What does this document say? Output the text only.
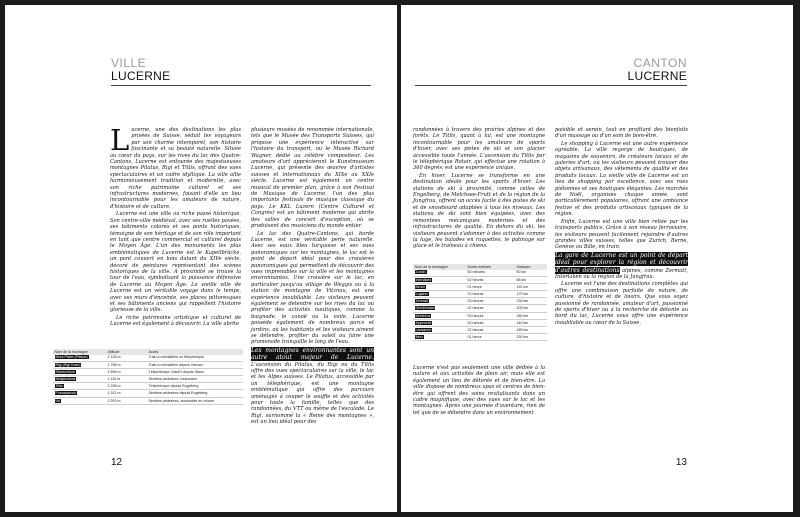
VILLE
LUCERNE
L ucerne, une des destinations les plus prisées de Suisse, séduit les voyageurs par son charme intemporel, son histoire fascinante et sa beauté naturelle. Située au cœur du pays, sur les rives du lac des Quatre-Cantons, Lucerne est entourée des majestueuses montagnes Pilatus, Rigi et Titlis, offrant des vues spectaculaires et un cadre idyllique. La ville allie harmonieusement tradition et modernité, avec son riche patrimoine culturel et ses infrastructures modernes, faisant d'elle un lieu incontournable pour les amateurs de nature, d'histoire et de culture.

Lucerne est une ville au riche passé historique. Son centre-ville médiéval, avec ses ruelles pavées, ses bâtiments colorés et ses ponts historiques, témoigne de son héritage et de son rôle important en tant que centre commercial et culturel depuis le Moyen Âge. L'un des monuments les plus emblématiques de Lucerne est le Kapellbrücke, un pont couvert en bois datant du XIVe siècle, décoré de peintures représentant des scènes historiques de la ville. À proximité se trouve la tour de l'eau, symbolisant la puissance défensive de Lucerne au Moyen Âge. La vieille ville de Lucerne est un véritable voyage dans le temps, avec ses murs d'enceinte, ses places pittoresques et ses bâtiments anciens qui rappellent l'histoire glorieuse de la ville.

Le riche patrimoine artistique et culturel de Lucerne est également à découvrir. La ville abrite

plusieurs musées de renommée internationale, tels que le Musée des Transports Suisses, qui propose une expérience interactive sur l'histoire du transport, ou le Musée Richard Wagner, dédié au célèbre compositeur. Les amateurs d'art apprécieront le Kunstmuseum Lucerne, qui présente des œuvres d'artistes suisses et internationaux du XIXe au XXIe siècle. Lucerne est également un centre musical de premier plan, grâce à son Festival de Musique de Lucerne, l'un des plus importants festivals de musique classique du pays. Le KKL Luzern (Centre Culturel et Congrès) est un bâtiment moderne qui abrite des salles de concert d'exception, où se produisent des musiciens du monde entier.

Le lac des Quatre-Cantons, qui borde Lucerne, est une véritable perle naturelle. Avec ses eaux bleu turquoise et ses vues panoramiques sur les montagnes, le lac est le point de départ idéal pour des croisières panoramiques qui permettent de découvrir des vues imprenables sur la ville et les montagnes environnantes. Une croisière sur le lac, en particulier jusqu'au village de Weggis ou à la station de montagne de Vitznau, est une expérience inoubliable. Les visiteurs peuvent également se détendre sur les rives du lac ou profiter des activités nautiques, comme la baignade, le canoë ou la voile. Lucerne possède également de nombreux parcs et jardins, où les habitants et les visiteurs aiment se détendre, profiter du soleil ou faire une promenade tranquille le long de l'eau.

Les montagnes environnantes sont un autre atout majeur de Lucerne. L'ascension du Pilatus, du Rigi ou du Titlis offre des vues spectaculaires sur la ville, le lac et les Alpes suisses. Le Pilatus, accessible par un téléphérique, est une montagne emblématique qui offre des parcours aménagés à couper le souffle et des activités pour toute la famille, telles que des randonnées, du VTT ou même de l'escalade. Le Rigi, surnommé la « Reine des montagnes », est un lieu idéal pour des

Nom de la montagne	Altitude	Accès
Mont Pilate (Pilatus)	2 128 m	Train à crémaillère ou téléphérique
Rigi (Rigi Kulm)	1 798 m	Train à crémaillère depuis Vitznau
Stanserhorn	1 898 m	Téléphérique CabriO depuis Stans
Bürgenstock	1 115 m	Sentiers pédestres, funiculaire
Titlis	3 238 m	Téléphérique depuis Engelberg
Fronalpstock	1 921 m	Sentiers pédestres depuis Engelberg
Uri	3 200 m	Sentiers pédestres, accessible en voiture
12
CANTON
LUCERNE

randonnées à travers des prairies alpines et des forêts. Le Titlis, quant à lui, est une montagne incontournable pour les amateurs de sports d'hiver, avec ses pistes de ski et son glacier accessible toute l'année. L'ascension du Titlis par le téléphérique Rotair, qui effectue une rotation à 360 degrés, est une expérience unique.

En hiver, Lucerne se transforme en une destination idéale pour les sports d'hiver. Les stations de ski à proximité, comme celles de Engelberg, de Melchsee-Frutt et de la région de la Jungfrau, offrent un accès facile à des pistes de ski et de snowboard adaptées à tous les niveaux. Les stations de ski sont bien équipées, avec des remontées mécaniques modernes et des infrastructures de qualité. En dehors du ski, les visiteurs peuvent s'adonner à des activités comme la luge, les balades en raquettes, le patinage sur glace et le traîneau à chiens.

Nom de la montagne	Durée estimée	Distance
Zurich	50 minutes	50 km
Interlaken	02 heures	68 km
Berne	01 heure	110 km
Lugano	02 heures	170 km
Zermatt	03 heures	230 km
Grindelwald	02 heures	100 km
Montreux	03 heures	180 km
Appenzell	02 heures	140 km
Lausanne	02 heures	185 km
Ilanz	01 heure	150 km

Lucerne n'est pas seulement une ville dédiée à la nature et aux activités de plein air, mais elle est également un lieu de détente et de bien-être. La ville dispose de nombreux spas et centres de bien-être qui offrent des soins revitalisants dans un cadre magnifique, avec des vues sur le lac et les montagnes. Après une journée d'aventure, rien de tel que de se détendre dans un environnement

paisible et serein, tout en profitant des bienfaits d'un massage ou d'un soin de bien-être.

Le shopping à Lucerne est une autre expérience agréable. La ville regorge de boutiques, de magasins de souvenirs, de créateurs locaux et de galeries d'art, où les visiteurs peuvent trouver des objets artisanaux, des vêtements de qualité et des produits locaux. La vieille ville de Lucerne est un lieu de shopping par excellence, avec ses rues piétonnes et ses boutiques élégantes. Les marchés de Noël, organisés chaque année, sont particulièrement populaires, offrant une ambiance festive et des produits artisanaux typiques de la région.

Enfin, Lucerne est une ville bien reliée par les transports publics. Grâce à son réseau ferroviaire, les visiteurs peuvent facilement rejoindre d'autres grandes villes suisses, telles que Zurich, Berne, Genève ou Bâle, en train.

La gare de Lucerne est un point de départ idéal pour explorer la région et découvrir d'autres destinations alpines, comme Zermatt, Interlaken ou la région de la Jungfrau.

Lucerne est l'une des destinations complètes qui offre une combinaison parfaite de nature, de culture, d'histoire et de loisirs. Que vous soyez passionné de randonnée, amateur d'art, passionné de sports d'hiver ou à la recherche de détente au bord du lac, Lucerne vous offre une expérience inoubliable au cœur de la Suisse.

13
